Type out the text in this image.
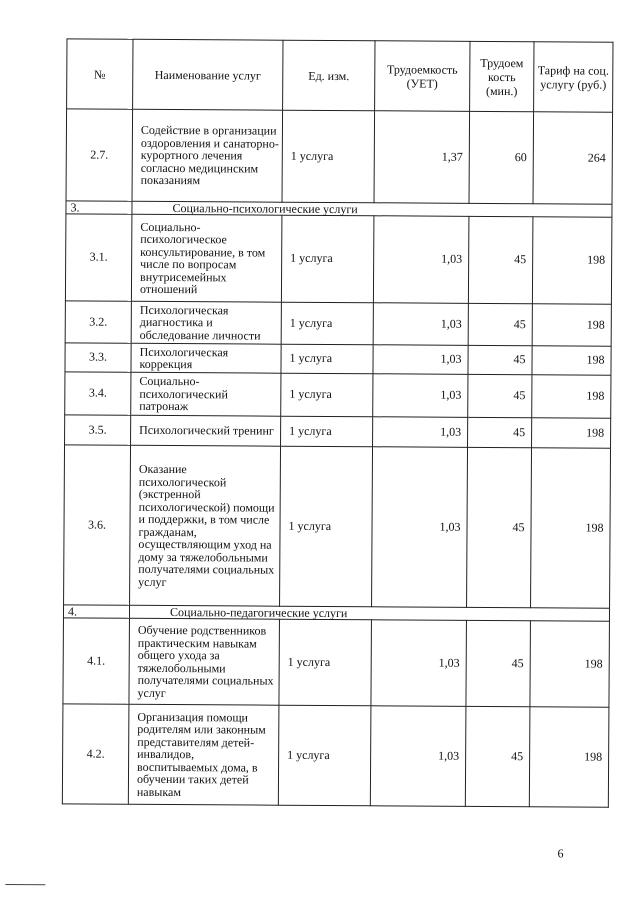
№	Наименование услуг	Ед. изм.	Трудоемкость (УЕТ)	Трудоем кость (мин.)	Тариф на соц. услугу (руб.)
2.7.	Содействие в организации оздоровления и санаторно-курортного лечения согласно медицинским показаниям	1 услуга	1,37	60	264
3.	Социально-психологические услуги				
3.1.	Социально-психологическое консультирование, в том числе по вопросам внутрисемейных отношений	1 услуга	1,03	45	198
3.2.	Психологическая диагностика и обследование личности	1 услуга	1,03	45	198
3.3.	Психологическая коррекция	1 услуга	1,03	45	198
3.4.	Социально-психологический патронаж	1 услуга	1,03	45	198
3.5.	Психологический тренинг	1 услуга	1,03	45	198
3.6.	Оказание психологической (экстренной психологической) помощи и поддержки, в том числе гражданам, осуществляющим уход на дому за тяжелобольными получателями социальных услуг	1 услуга	1,03	45	198
4.	Социально-педагогические услуги				
4.1.	Обучение родственников практическим навыкам общего ухода за тяжелобольными получателями социальных услуг	1 услуга	1,03	45	198
4.2.	Организация помощи родителям или законным представителям детей-инвалидов, воспитываемых дома, в обучении таких детей навыкам	1 услуга	1,03	45	198
6
